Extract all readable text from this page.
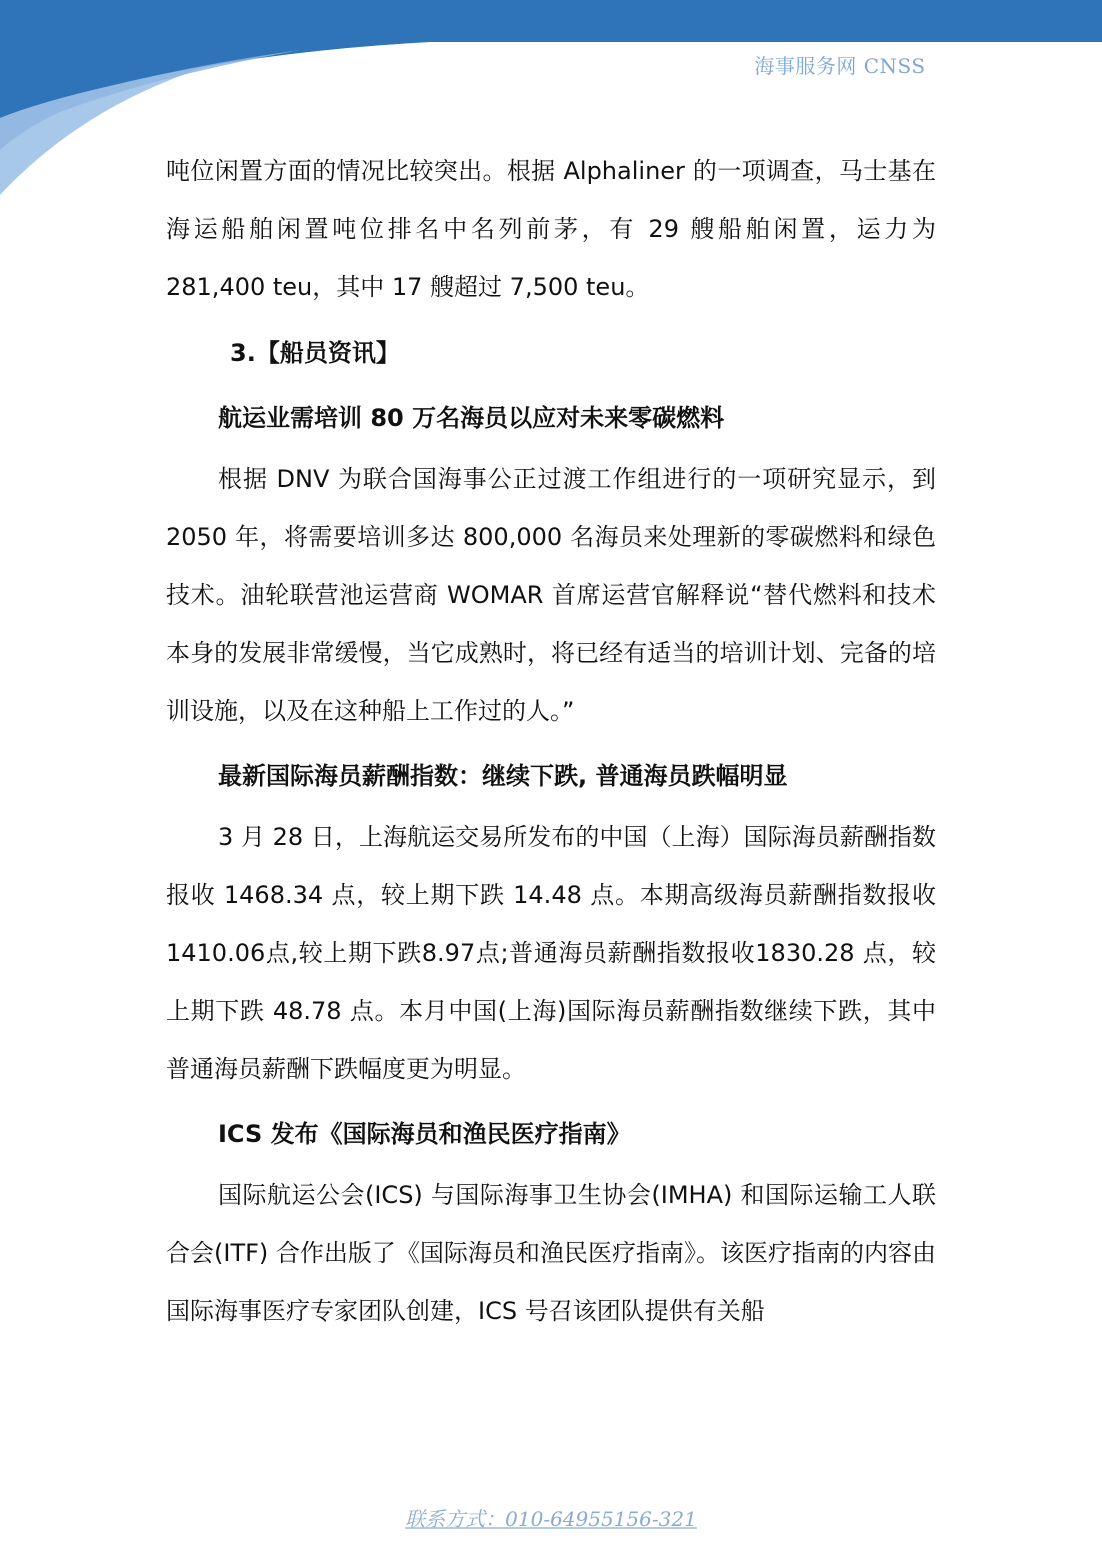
海事服务网 CNSS

吨位闲置方面的情况比较突出。根据 Alphaliner 的一项调查，马士基在海运船舶闲置吨位排名中名列前茅，有 29 艘船舶闲置，运力为 281,400 teu，其中 17 艘超过 7,500 teu。

3.【船员资讯】
航运业需培训 80 万名海员以应对未来零碳燃料

根据 DNV 为联合国海事公正过渡工作组进行的一项研究显示，到 2050 年，将需要培训多达 800,000 名海员来处理新的零碳燃料和绿色技术。油轮联营池运营商 WOMAR 首席运营官解释说“替代燃料和技术本身的发展非常缓慢，当它成熟时，将已经有适当的培训计划、完备的培训设施，以及在这种船上工作过的人。”

最新国际海员薪酬指数：继续下跌, 普通海员跌幅明显

3 月 28 日，上海航运交易所发布的中国（上海）国际海员薪酬指数报收 1468.34 点，较上期下跌 14.48 点。本期高级海员薪酬指数报收1410.06点,较上期下跌8.97点;普通海员薪酬指数报收1830.28 点，较上期下跌 48.78 点。本月中国(上海)国际海员薪酬指数继续下跌，其中普通海员薪酬下跌幅度更为明显。

ICS 发布《国际海员和渔民医疗指南》

国际航运公会(ICS) 与国际海事卫生协会(IMHA) 和国际运输工人联合会(ITF) 合作出版了《国际海员和渔民医疗指南》。该医疗指南的内容由国际海事医疗专家团队创建，ICS 号召该团队提供有关船

联系方式：010-64955156-321
